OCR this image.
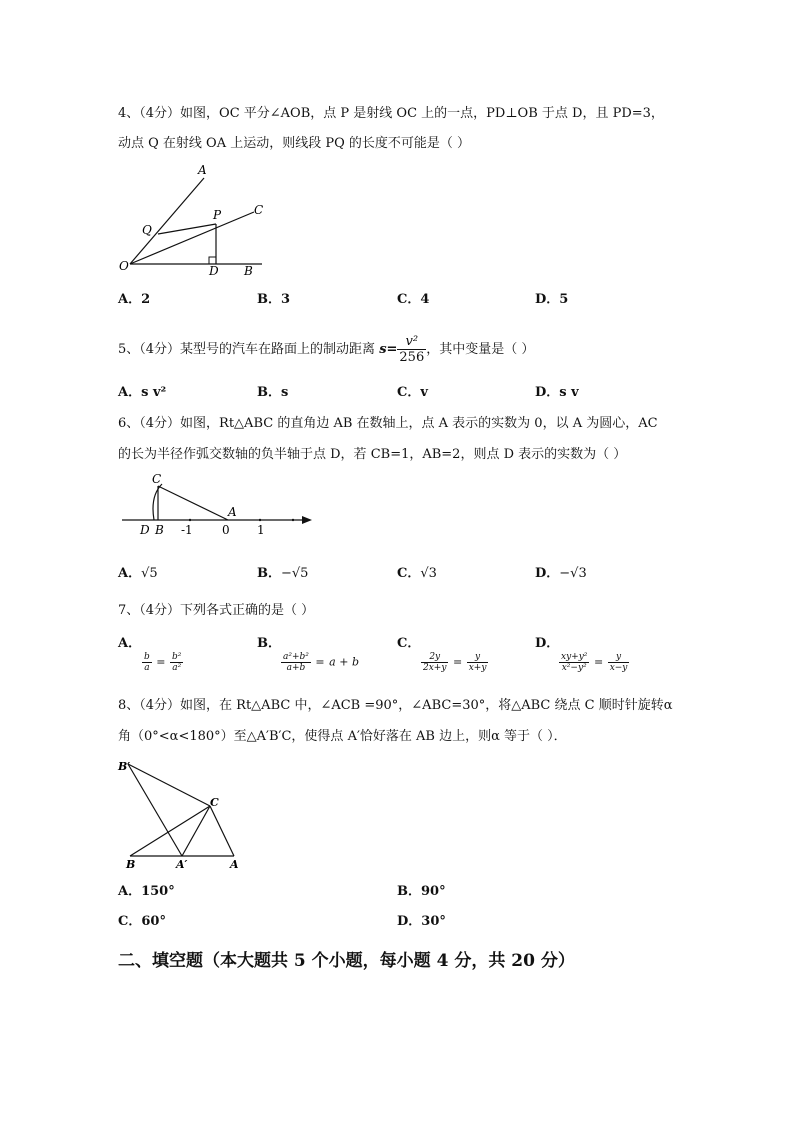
4、（4分）如图，OC 平分∠AOB，点 P 是射线 OC 上的一点，PD⊥OB 于点 D，且 PD=3，
动点 Q 在射线 OA 上运动，则线段 PQ 的长度不可能是（ ）
A
C
P
Q
O	D B
A．2	B．3	C．4	D．5
5、（4分）某型号的汽车在路面上的制动距离 $s= \frac{\text{v²}}{256}$ ，其中变量是（ ）
A．s v²	B．s	C．v	D．s v
6、（4分）如图，Rt△ABC 的直角边 AB 在数轴上，点 A 表示的实数为 0，以 A 为圆心，AC
的长为半径作弧交数轴的负半轴于点 D，若 CB=1，AB=2，则点 D 表示的实数为（ ）
C
D B -1
A
0 1
A．√5	B．−√5	C．√3	D．−√3
7、（4分）下列各式正确的是（ ）
A．
$\frac{b}{a} = \frac{\text{b²}}{\text{a²}}$
B．
$\frac{\text{a²+b²}}{a+b} = a + b$
C．
$\frac{2y}{2x+y} = \frac{y}{x+y}$
D．
$\frac{\text{xy+y²}}{\text{x²−y²}} = \frac{y}{x-y}$
8、（4分）如图，在 Rt△ABC 中，∠ACB =90°，∠ABC=30°，将△ABC 绕点 C 顺时针旋转α
角（0°<α<180°）至△A′B′C，使得点 A′恰好落在 AB 边上，则α 等于（ ）．
B′
C
B	A′	A
A．150°	B．90°
C．60°	D．30°
二、填空题（本大题共 5 个小题，每小题 4 分，共 20 分）
